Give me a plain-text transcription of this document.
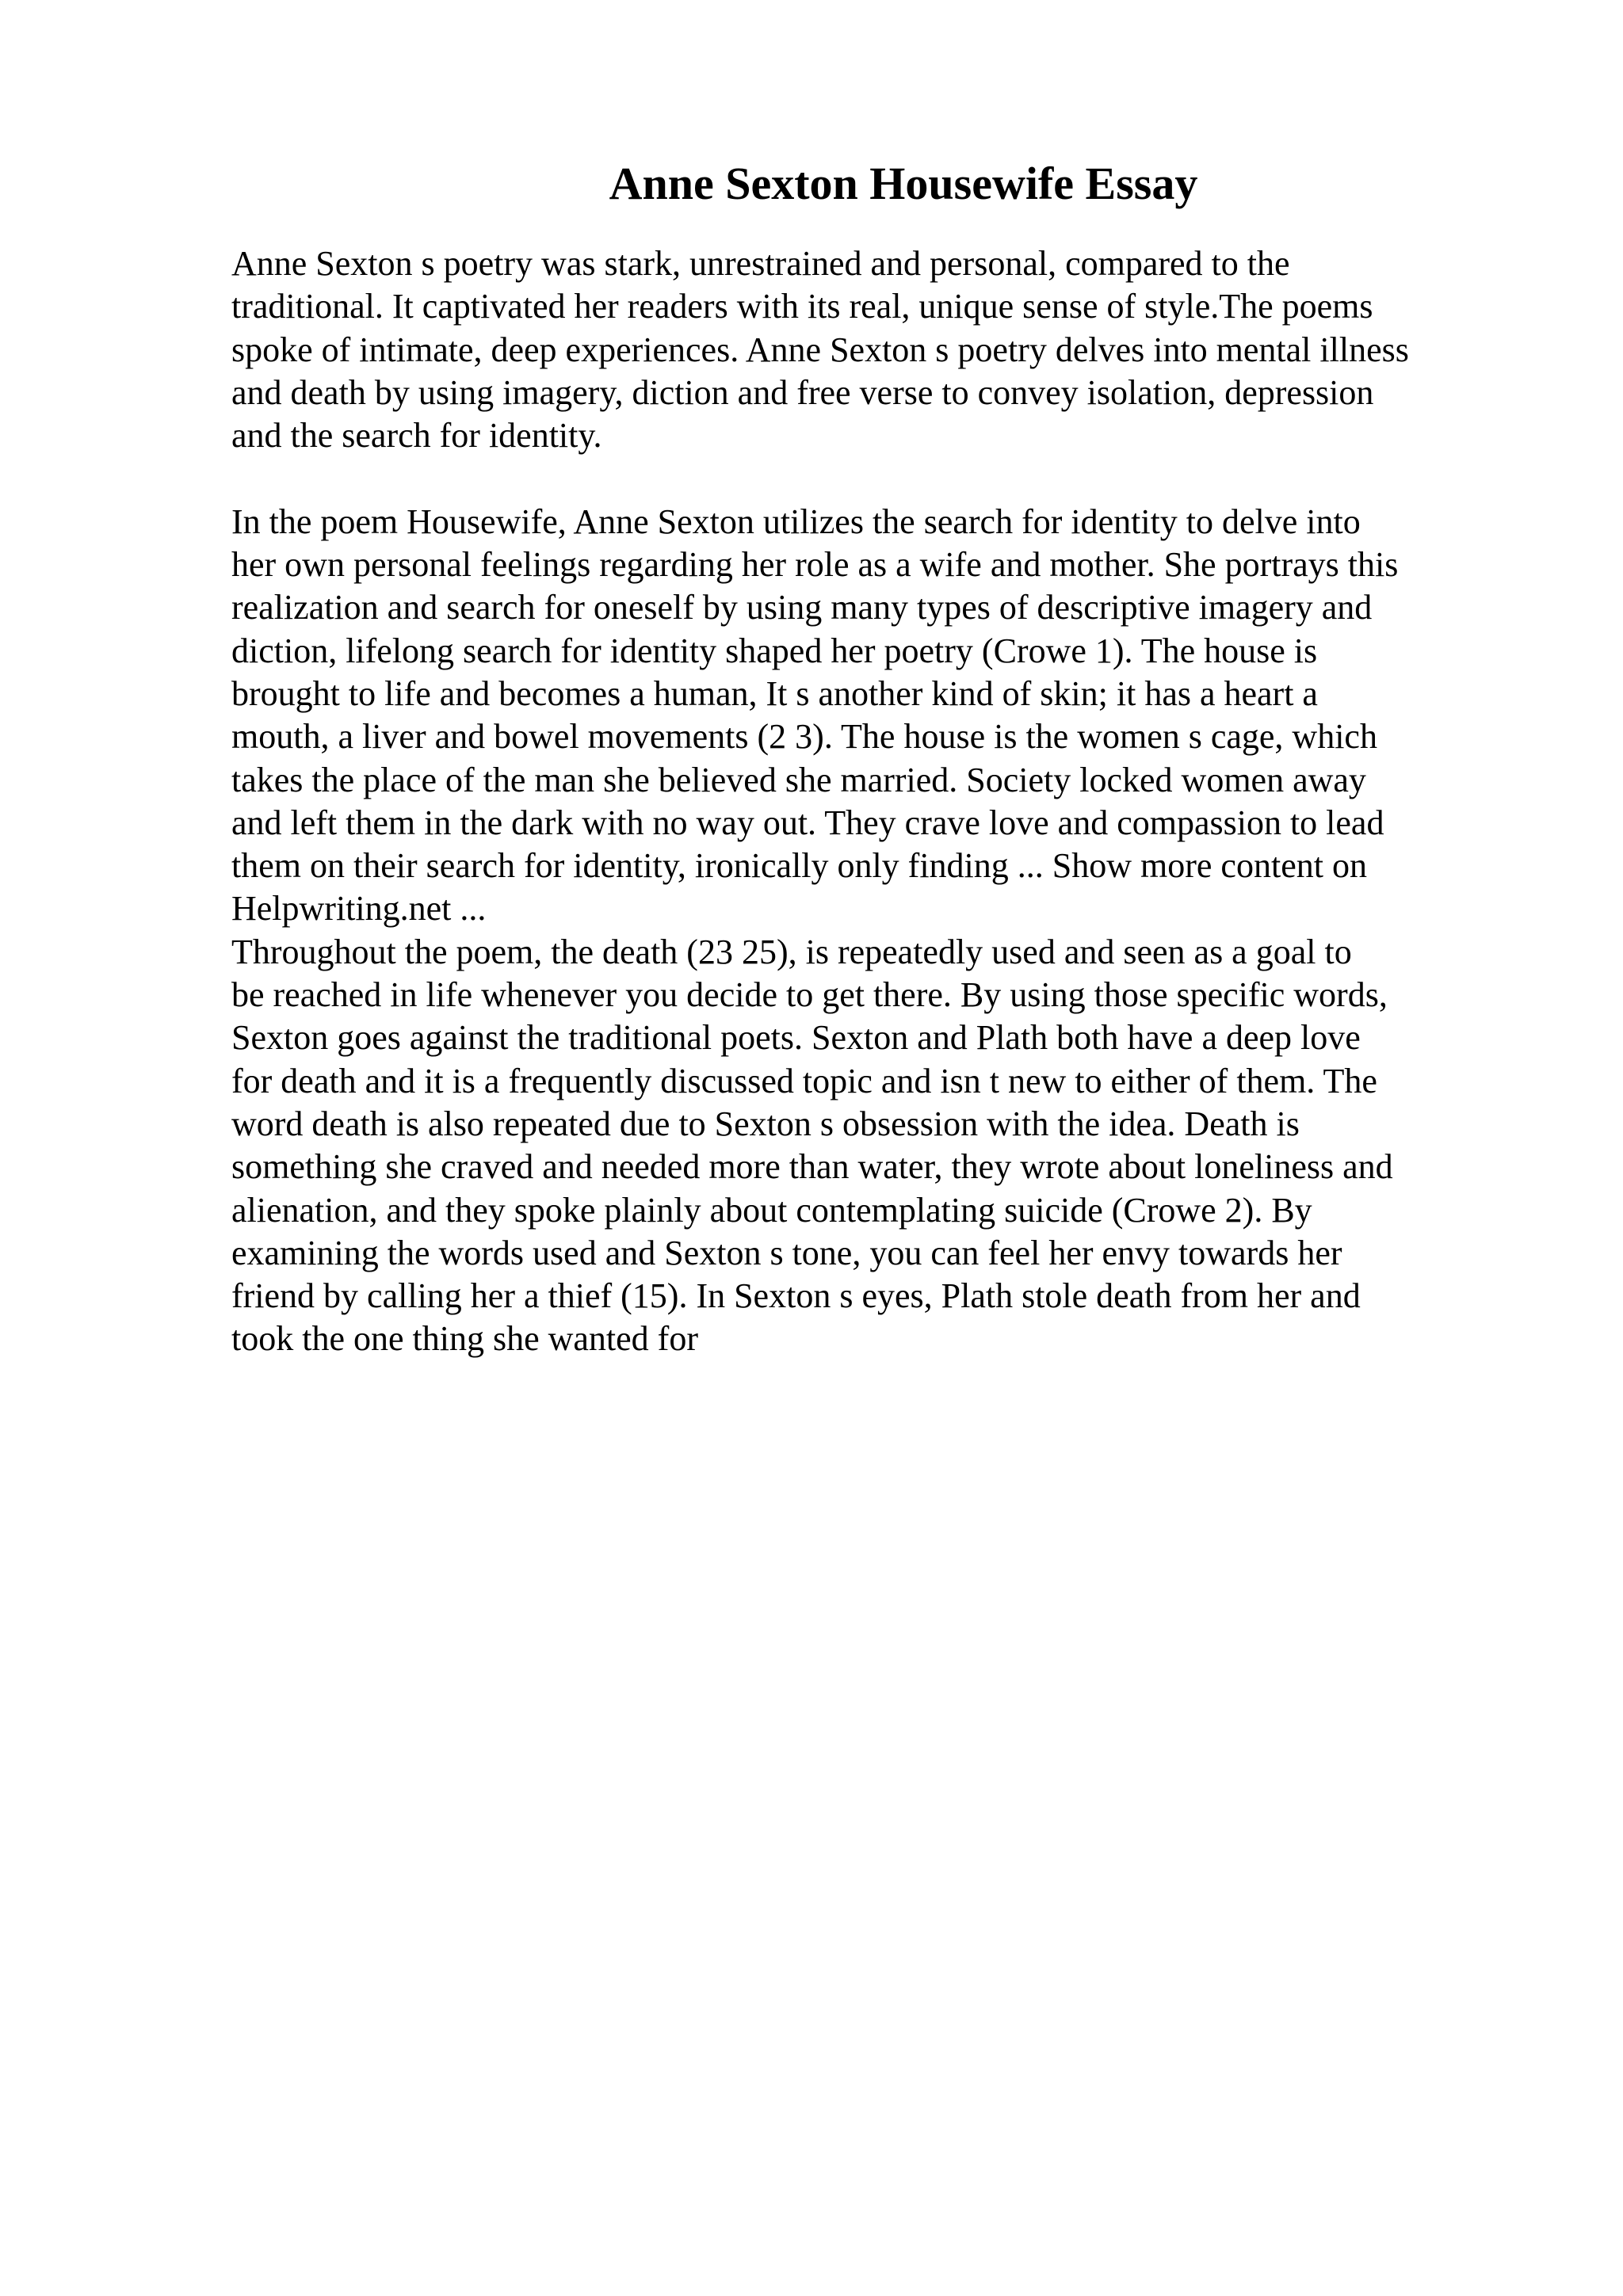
Anne Sexton Housewife Essay

Anne Sexton s poetry was stark, unrestrained and personal, compared to the
traditional. It captivated her readers with its real, unique sense of style.The poems
spoke of intimate, deep experiences. Anne Sexton s poetry delves into mental illness
and death by using imagery, diction and free verse to convey isolation, depression
and the search for identity.

In the poem Housewife, Anne Sexton utilizes the search for identity to delve into
her own personal feelings regarding her role as a wife and mother. She portrays this
realization and search for oneself by using many types of descriptive imagery and
diction, lifelong search for identity shaped her poetry (Crowe 1). The house is
brought to life and becomes a human, It s another kind of skin; it has a heart a
mouth, a liver and bowel movements (2 3). The house is the women s cage, which
takes the place of the man she believed she married. Society locked women away
and left them in the dark with no way out. They crave love and compassion to lead
them on their search for identity, ironically only finding ... Show more content on
Helpwriting.net ...

Throughout the poem, the death (23 25), is repeatedly used and seen as a goal to
be reached in life whenever you decide to get there. By using those specific words,
Sexton goes against the traditional poets. Sexton and Plath both have a deep love
for death and it is a frequently discussed topic and isn t new to either of them. The
word death is also repeated due to Sexton s obsession with the idea. Death is
something she craved and needed more than water, they wrote about loneliness and
alienation, and they spoke plainly about contemplating suicide (Crowe 2). By
examining the words used and Sexton s tone, you can feel her envy towards her
friend by calling her a thief (15). In Sexton s eyes, Plath stole death from her and
took the one thing she wanted for
